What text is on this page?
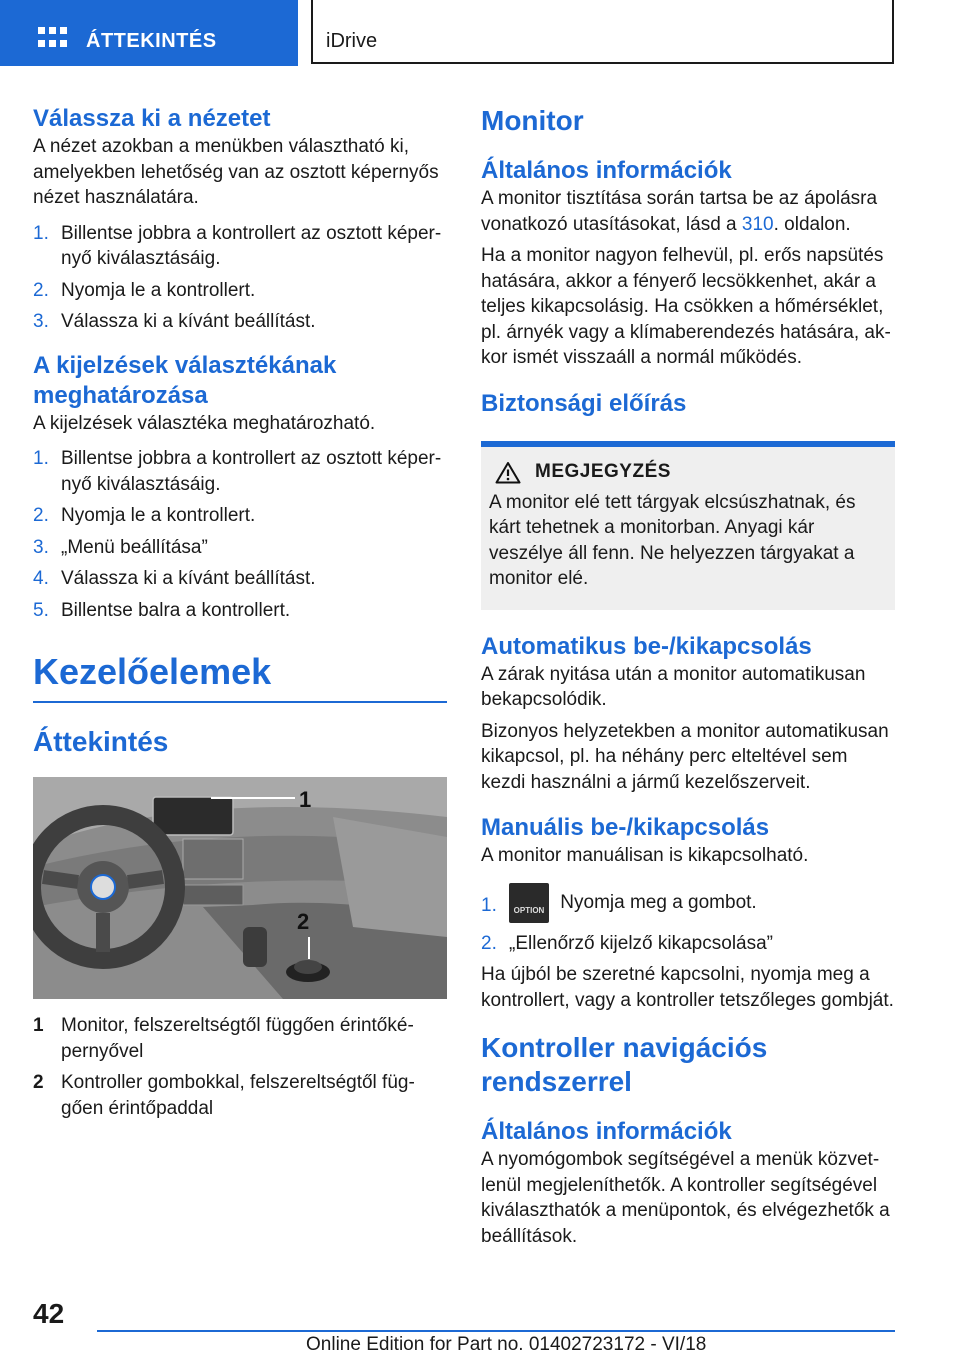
ÁTTEKINTÉS	iDrive
Válassza ki a nézetet

A nézet azokban a menükben választható ki, amelyekben lehetőség van az osztott képernyős nézet használatára.

1. Billentse jobbra a kontrollert az osztott képernyő kiválasztásáig.
2. Nyomja le a kontrollert.
3. Válassza ki a kívánt beállítást.
A kijelzések választékának meghatározása

A kijelzések választéka meghatározható.

1. Billentse jobbra a kontrollert az osztott képernyő kiválasztásáig.
2. Nyomja le a kontrollert.
3. „Menü beállítása”
4. Válassza ki a kívánt beállítást.
5. Billentse balra a kontrollert.
Kezelőelemek
Áttekintés
1
2
1 Monitor, felszereltségtől függően érintőképernyővel
2 Kontroller gombokkal, felszereltségtől függően érintőpaddal
Monitor
Általános információk

A monitor tisztítása során tartsa be az ápolásra vonatkozó utasításokat, lásd a 310. oldalon.

Ha a monitor nagyon felhevül, pl. erős napsütés hatására, akkor a fényerő lecsökkenhet, akár a teljes kikapcsolásig. Ha csökken a hőmérséklet, pl. árnyék vagy a klímaberendezés hatására, akkor ismét visszaáll a normál működés.

Biztonsági előírás
MEGJEGYZÉS

A monitor elé tett tárgyak elcsúszhatnak, és kárt tehetnek a monitorban. Anyagi kár veszélye áll fenn. Ne helyezzen tárgyakat a monitor elé.

Automatikus be-/kikapcsolás

A zárak nyitása után a monitor automatikusan bekapcsolódik.

Bizonyos helyzetekben a monitor automatikusan kikapcsol, pl. ha néhány perc elteltével sem kezdi használni a jármű kezelőszerveit.

Manuális be-/kikapcsolás

A monitor manuálisan is kikapcsolható.

1.	OPTION Nyomja meg a gombot.
2. „Ellenőrző kijelző kikapcsolása”

Ha újból be szeretné kapcsolni, nyomja meg a kontrollert, vagy a kontroller tetszőleges gombját.

Kontroller navigációs rendszerrel
Általános információk

A nyomógombok segítségével a menük közvetlenül megjeleníthetők. A kontroller segítségével kiválaszthatók a menüpontok, és elvégezhetők a beállítások.

42
Online Edition for Part no. 01402723172 - VI/18
